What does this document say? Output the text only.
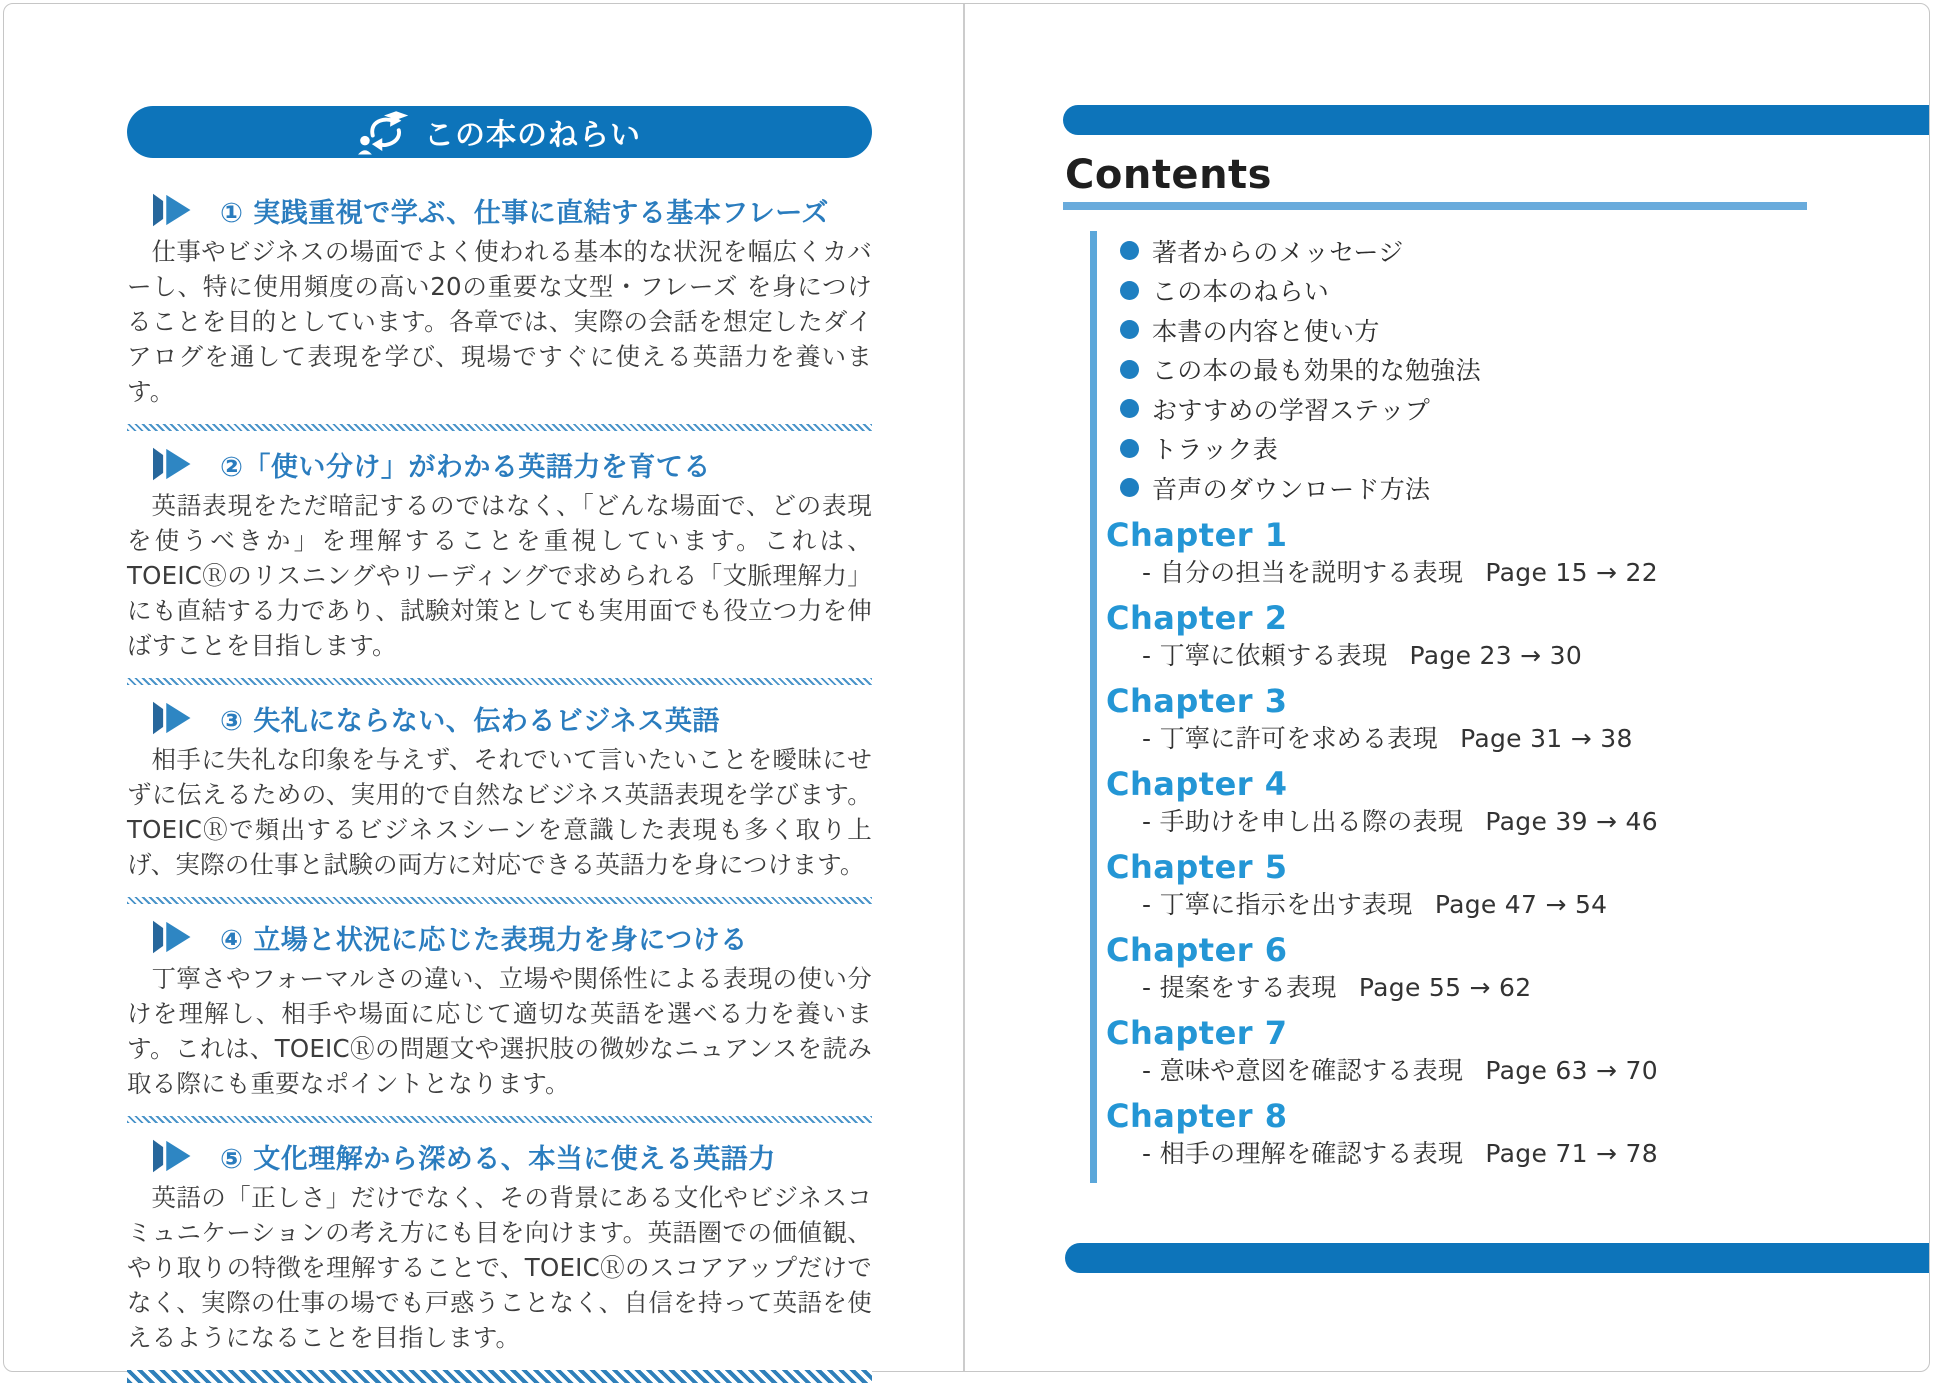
この本のねらい
① 実践重視で学ぶ、仕事に直結する基本フレーズ

仕事やビジネスの場面でよく使われる基本的な状況を幅広くカバーし、特に使用頻度の高い20の重要な文型・フレーズ を身につけることを目的としています。各章では、実際の会話を想定したダイアログを通して表現を学び、現場ですぐに使える英語力を養います。

②「使い分け」がわかる英語力を育てる

英語表現をただ暗記するのではなく、「どんな場面で、どの表現を使うべきか」を理解することを重視しています。これは、TOEICⓇのリスニングやリーディングで求められる「文脈理解力」にも直結する力であり、試験対策としても実用面でも役立つ力を伸ばすことを目指します。

③ 失礼にならない、伝わるビジネス英語

相手に失礼な印象を与えず、それでいて言いたいことを曖昧にせずに伝えるための、実用的で自然なビジネス英語表現を学びます。TOEICⓇで頻出するビジネスシーンを意識した表現も多く取り上げ、実際の仕事と試験の両方に対応できる英語力を身につけます。

④ 立場と状況に応じた表現力を身につける

丁寧さやフォーマルさの違い、立場や関係性による表現の使い分けを理解し、相手や場面に応じて適切な英語を選べる力を養います。これは、TOEICⓇの問題文や選択肢の微妙なニュアンスを読み取る際にも重要なポイントとなります。

⑤ 文化理解から深める、本当に使える英語力

英語の「正しさ」だけでなく、その背景にある文化やビジネスコミュニケーションの考え方にも目を向けます。英語圏での価値観、やり取りの特徴を理解することで、TOEICⓇのスコアアップだけでなく、実際の仕事の場でも戸惑うことなく、自信を持って英語を使えるようになることを目指します。

Contents
著者からのメッセージ
この本のねらい
本書の内容と使い方
この本の最も効果的な勉強法
おすすめの学習ステップ
トラック表
音声のダウンロード方法
Chapter 1
- 自分の担当を説明する表現 Page 15 → 22
Chapter 2
- 丁寧に依頼する表現 Page 23 → 30
Chapter 3
- 丁寧に許可を求める表現 Page 31 → 38
Chapter 4
- 手助けを申し出る際の表現 Page 39 → 46
Chapter 5
- 丁寧に指示を出す表現 Page 47 → 54
Chapter 6
- 提案をする表現 Page 55 → 62
Chapter 7
- 意味や意図を確認する表現 Page 63 → 70
Chapter 8
- 相手の理解を確認する表現 Page 71 → 78
